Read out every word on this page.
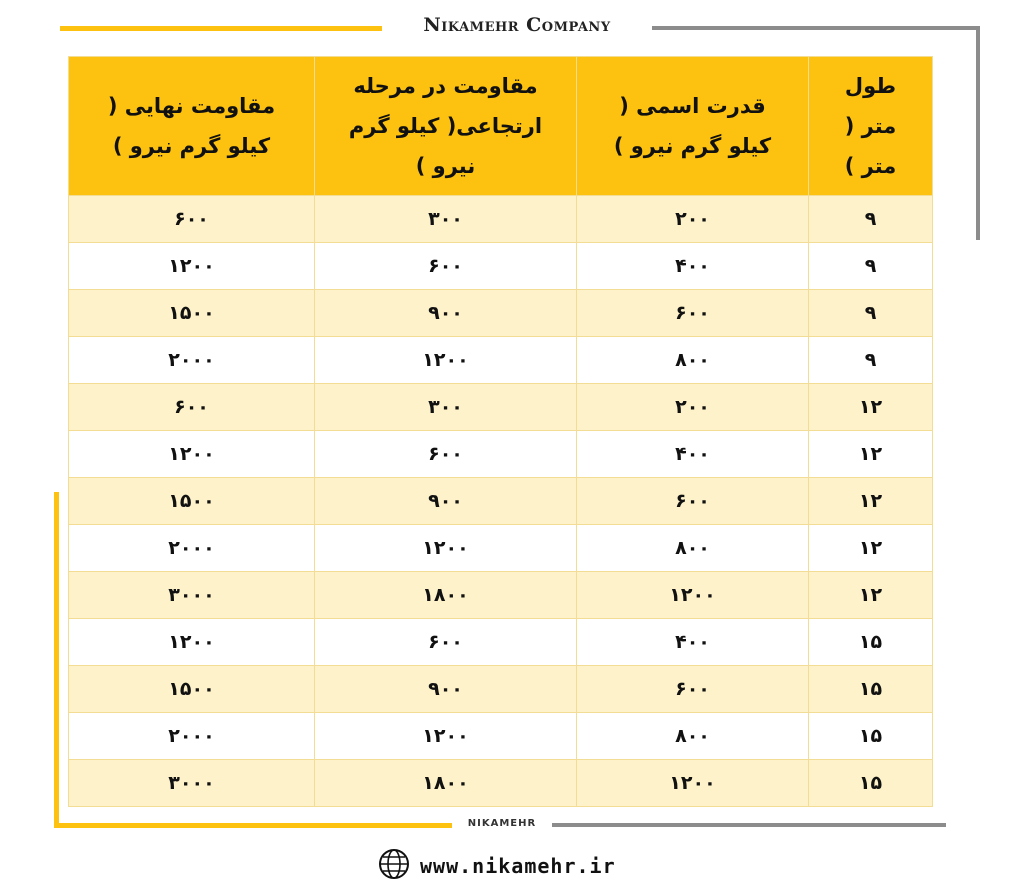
Nikamehr Company
طول متر ( متر )	قدرت اسمی ( کیلو گرم نیرو )	مقاومت در مرحله ارتجاعی( کیلو گرم نیرو )	مقاومت نهایی ( کیلو گرم نیرو )
۹	۲۰۰	۳۰۰	۶۰۰
۹	۴۰۰	۶۰۰	۱۲۰۰
۹	۶۰۰	۹۰۰	۱۵۰۰
۹	۸۰۰	۱۲۰۰	۲۰۰۰
۱۲	۲۰۰	۳۰۰	۶۰۰
۱۲	۴۰۰	۶۰۰	۱۲۰۰
۱۲	۶۰۰	۹۰۰	۱۵۰۰
۱۲	۸۰۰	۱۲۰۰	۲۰۰۰
۱۲	۱۲۰۰	۱۸۰۰	۳۰۰۰
۱۵	۴۰۰	۶۰۰	۱۲۰۰
۱۵	۶۰۰	۹۰۰	۱۵۰۰
۱۵	۸۰۰	۱۲۰۰	۲۰۰۰
۱۵	۱۲۰۰	۱۸۰۰	۳۰۰۰
NIKAMEHR
www.nikamehr.ir
